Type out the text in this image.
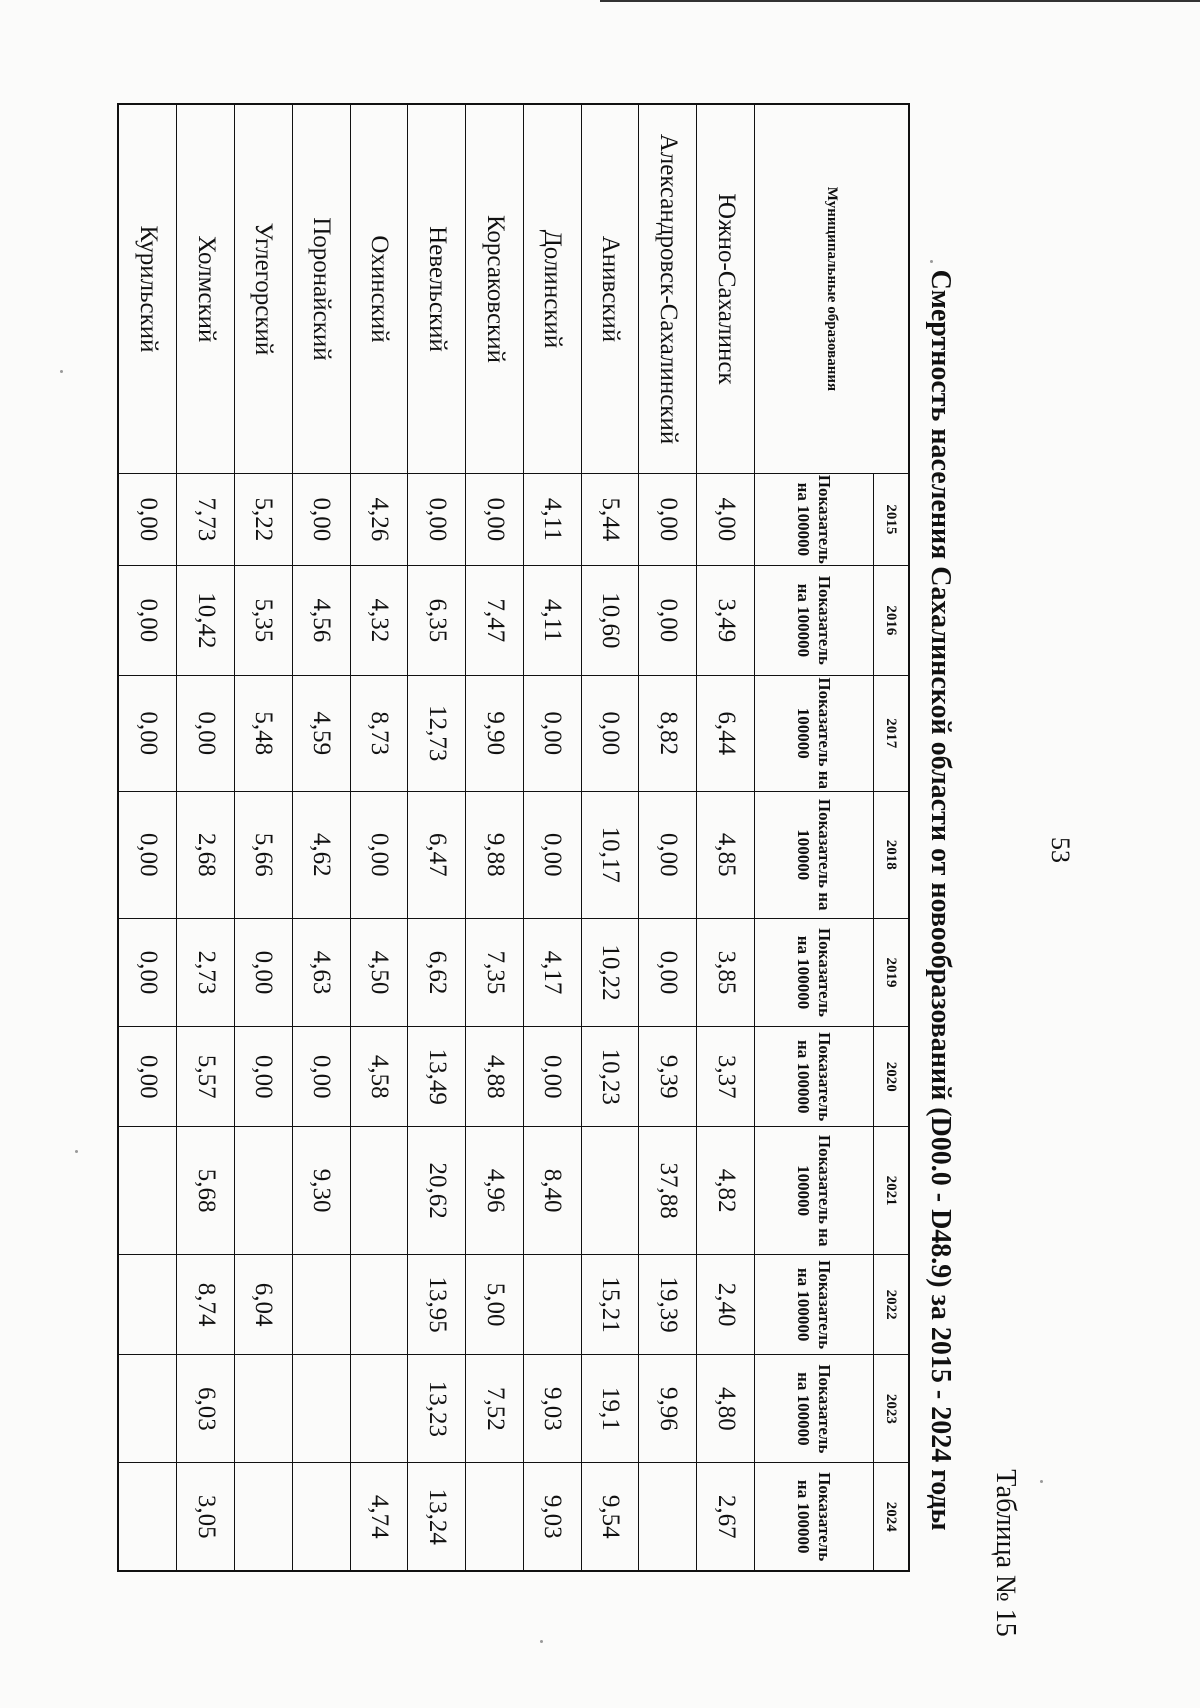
53
Таблица № 15
Смертность населения Сахалинской области от новообразований (D00.0 - D48.9) за 2015 - 2024 годы
Муниципальные образования	2015	2016	2017	2018	2019	2020	2021	2022	2023	2024
	Показатель на 100000	Показатель на 100000	Показатель на 100000	Показатель на 100000	Показатель на 100000	Показатель на 100000	Показатель на 100000	Показатель на 100000	Показатель на 100000	Показатель на 100000
Южно-Сахалинск	4,00	3,49	6,44	4,85	3,85	3,37	4,82	2,40	4,80	2,67
Александровск-Сахалинский	0,00	0,00	8,82	0,00	0,00	9,39	37,88	19,39	9,96	
Анивский	5,44	10,60	0,00	10,17	10,22	10,23		15,21	19,1	9,54
Долинский	4,11	4,11	0,00	0,00	4,17	0,00	8,40		9,03	9,03
Корсаковский	0,00	7,47	9,90	9,88	7,35	4,88	4,96	5,00	7,52	
Невельский	0,00	6,35	12,73	6,47	6,62	13,49	20,62	13,95	13,23	13,24
Охинский	4,26	4,32	8,73	0,00	4,50	4,58				4,74
Поронайский	0,00	4,56	4,59	4,62	4,63	0,00	9,30			
Углегорский	5,22	5,35	5,48	5,66	0,00	0,00		6,04		
Холмский	7,73	10,42	0,00	2,68	2,73	5,57	5,68	8,74	6,03	3,05
Курильский	0,00	0,00	0,00	0,00	0,00	0,00				
